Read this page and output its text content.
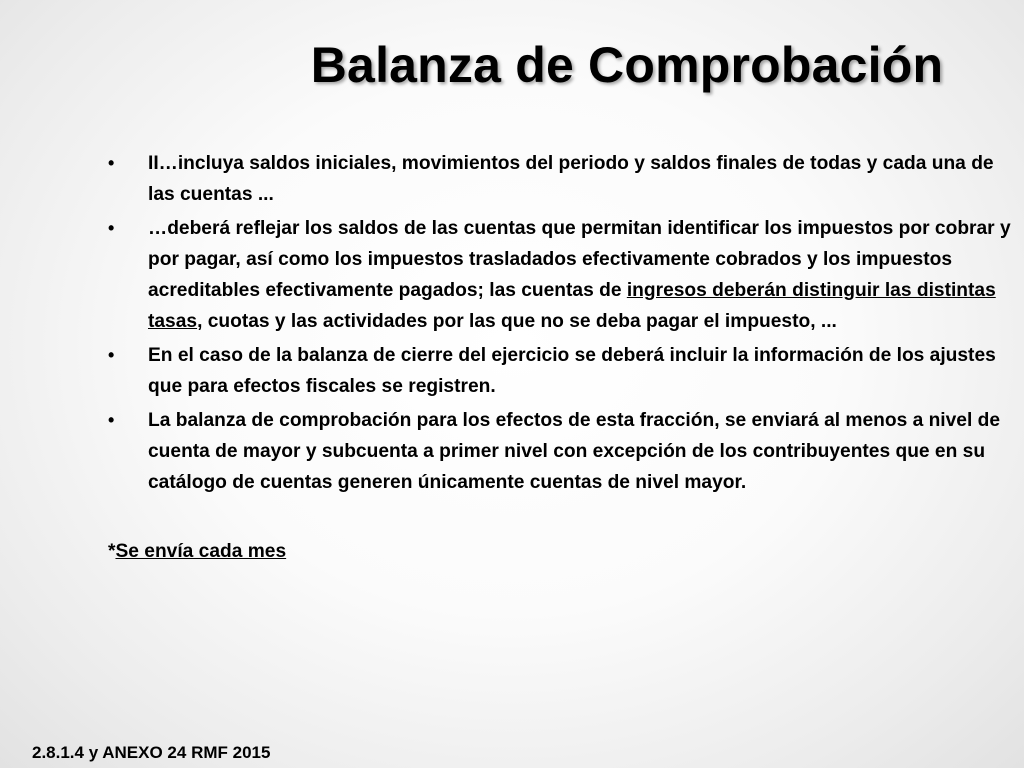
Balanza de Comprobación
• II…incluya saldos iniciales, movimientos del periodo y saldos finales de todas y cada una de las cuentas ...
• …deberá reflejar los saldos de las cuentas que permitan identificar los impuestos por cobrar y por pagar, así como los impuestos trasladados efectivamente cobrados y los impuestos acreditables efectivamente pagados; las cuentas de ingresos deberán distinguir las distintas tasas, cuotas y las actividades por las que no se deba pagar el impuesto, ...
• En el caso de la balanza de cierre del ejercicio se deberá incluir la información de los ajustes que para efectos fiscales se registren.
• La balanza de comprobación para los efectos de esta fracción, se enviará al menos a nivel de cuenta de mayor y subcuenta a primer nivel con excepción de los contribuyentes que en su catálogo de cuentas generen únicamente cuentas de nivel mayor.
*Se envía cada mes
2.8.1.4 y ANEXO 24 RMF 2015
